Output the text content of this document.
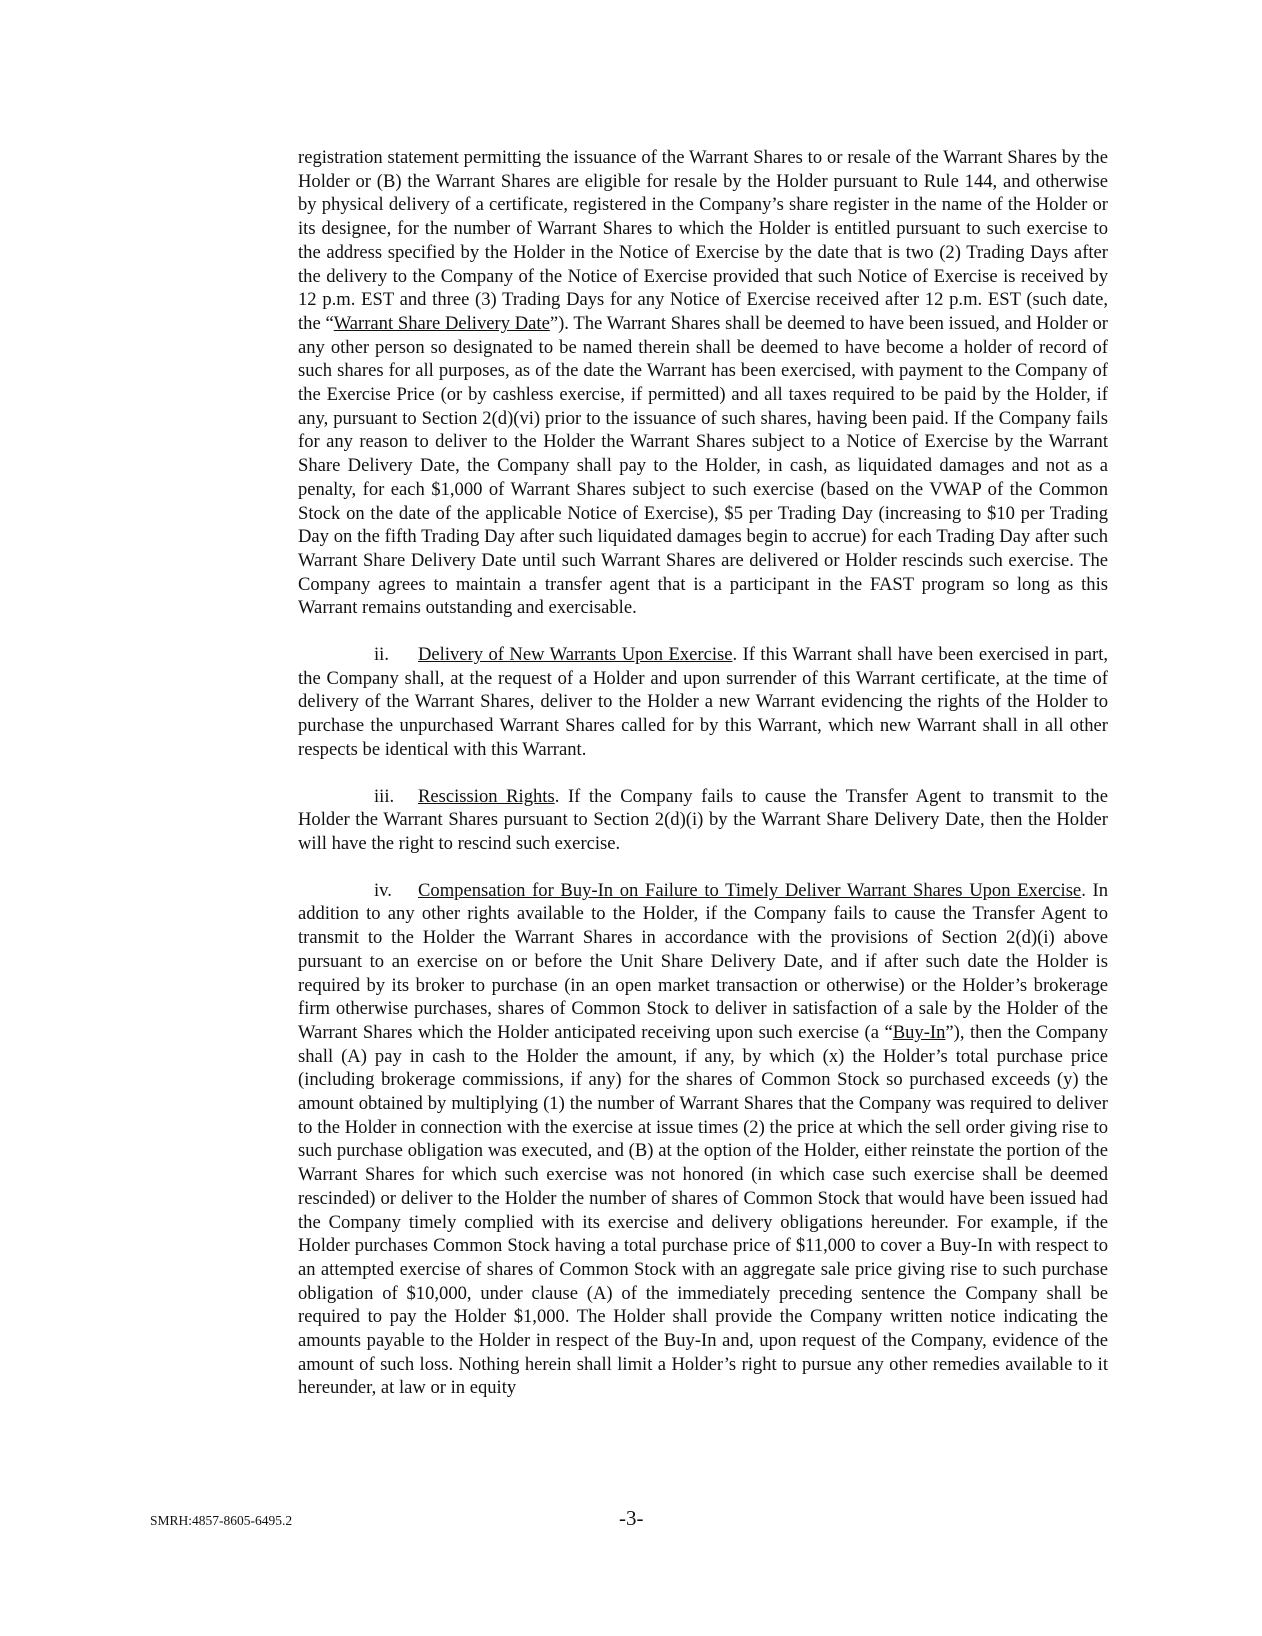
registration statement permitting the issuance of the Warrant Shares to or resale of the Warrant Shares by the Holder or (B) the Warrant Shares are eligible for resale by the Holder pursuant to Rule 144, and otherwise by physical delivery of a certificate, registered in the Company’s share register in the name of the Holder or its designee, for the number of Warrant Shares to which the Holder is entitled pursuant to such exercise to the address specified by the Holder in the Notice of Exercise by the date that is two (2) Trading Days after the delivery to the Company of the Notice of Exercise provided that such Notice of Exercise is received by 12 p.m. EST and three (3) Trading Days for any Notice of Exercise received after 12 p.m. EST (such date, the “Warrant Share Delivery Date”). The Warrant Shares shall be deemed to have been issued, and Holder or any other person so designated to be named therein shall be deemed to have become a holder of record of such shares for all purposes, as of the date the Warrant has been exercised, with payment to the Company of the Exercise Price (or by cashless exercise, if permitted) and all taxes required to be paid by the Holder, if any, pursuant to Section 2(d)(vi) prior to the issuance of such shares, having been paid. If the Company fails for any reason to deliver to the Holder the Warrant Shares subject to a Notice of Exercise by the Warrant Share Delivery Date, the Company shall pay to the Holder, in cash, as liquidated damages and not as a penalty, for each $1,000 of Warrant Shares subject to such exercise (based on the VWAP of the Common Stock on the date of the applicable Notice of Exercise), $5 per Trading Day (increasing to $10 per Trading Day on the fifth Trading Day after such liquidated damages begin to accrue) for each Trading Day after such Warrant Share Delivery Date until such Warrant Shares are delivered or Holder rescinds such exercise. The Company agrees to maintain a transfer agent that is a participant in the FAST program so long as this Warrant remains outstanding and exercisable.

ii. Delivery of New Warrants Upon Exercise. If this Warrant shall have been exercised in part, the Company shall, at the request of a Holder and upon surrender of this Warrant certificate, at the time of delivery of the Warrant Shares, deliver to the Holder a new Warrant evidencing the rights of the Holder to purchase the unpurchased Warrant Shares called for by this Warrant, which new Warrant shall in all other respects be identical with this Warrant.

iii. Rescission Rights. If the Company fails to cause the Transfer Agent to transmit to the Holder the Warrant Shares pursuant to Section 2(d)(i) by the Warrant Share Delivery Date, then the Holder will have the right to rescind such exercise.

iv. Compensation for Buy-In on Failure to Timely Deliver Warrant Shares Upon Exercise. In addition to any other rights available to the Holder, if the Company fails to cause the Transfer Agent to transmit to the Holder the Warrant Shares in accordance with the provisions of Section 2(d)(i) above pursuant to an exercise on or before the Unit Share Delivery Date, and if after such date the Holder is required by its broker to purchase (in an open market transaction or otherwise) or the Holder’s brokerage firm otherwise purchases, shares of Common Stock to deliver in satisfaction of a sale by the Holder of the Warrant Shares which the Holder anticipated receiving upon such exercise (a “Buy-In”), then the Company shall (A) pay in cash to the Holder the amount, if any, by which (x) the Holder’s total purchase price (including brokerage commissions, if any) for the shares of Common Stock so purchased exceeds (y) the amount obtained by multiplying (1) the number of Warrant Shares that the Company was required to deliver to the Holder in connection with the exercise at issue times (2) the price at which the sell order giving rise to such purchase obligation was executed, and (B) at the option of the Holder, either reinstate the portion of the Warrant Shares for which such exercise was not honored (in which case such exercise shall be deemed rescinded) or deliver to the Holder the number of shares of Common Stock that would have been issued had the Company timely complied with its exercise and delivery obligations hereunder. For example, if the Holder purchases Common Stock having a total purchase price of $11,000 to cover a Buy-In with respect to an attempted exercise of shares of Common Stock with an aggregate sale price giving rise to such purchase obligation of $10,000, under clause (A) of the immediately preceding sentence the Company shall be required to pay the Holder $1,000. The Holder shall provide the Company written notice indicating the amounts payable to the Holder in respect of the Buy-In and, upon request of the Company, evidence of the amount of such loss. Nothing herein shall limit a Holder’s right to pursue any other remedies available to it hereunder, at law or in equity

SMRH:4857-8605-6495.2	-3-
